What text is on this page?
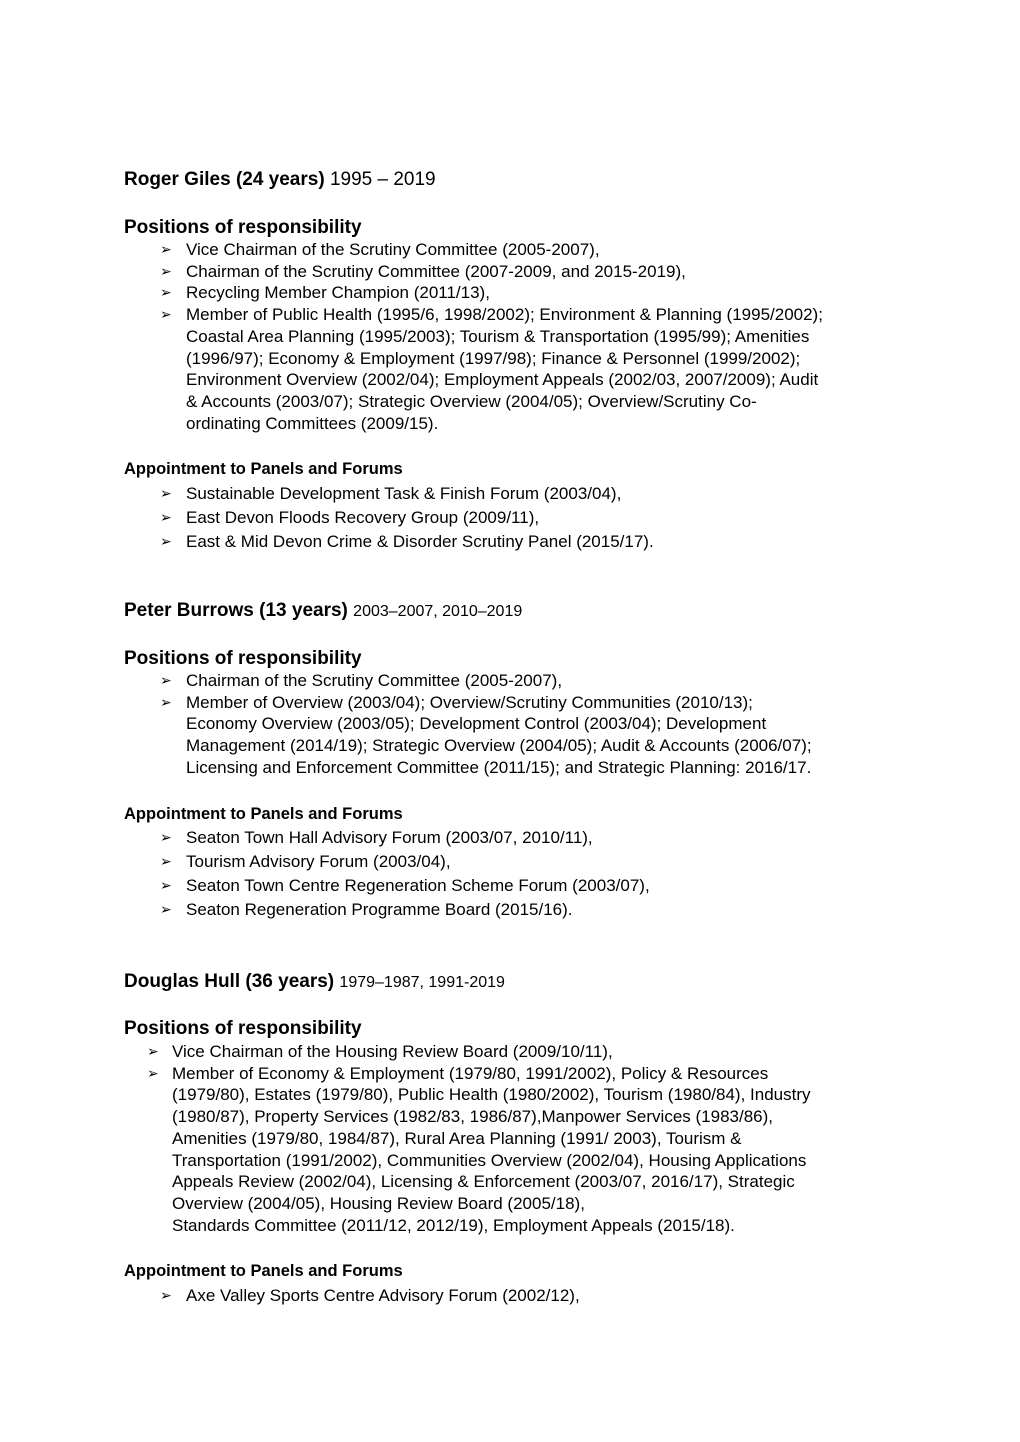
Roger Giles (24 years) 1995 – 2019
Positions of responsibility
➢ Vice Chairman of the Scrutiny Committee (2005-2007),
➢ Chairman of the Scrutiny Committee (2007-2009, and 2015-2019),
➢ Recycling Member Champion (2011/13),
➢ Member of Public Health (1995/6, 1998/2002); Environment & Planning (1995/2002);
Coastal Area Planning (1995/2003); Tourism & Transportation (1995/99); Amenities
(1996/97); Economy & Employment (1997/98); Finance & Personnel (1999/2002);
Environment Overview (2002/04); Employment Appeals (2002/03, 2007/2009); Audit
& Accounts (2003/07); Strategic Overview (2004/05); Overview/Scrutiny Co-
ordinating Committees (2009/15).
Appointment to Panels and Forums
➢ Sustainable Development Task & Finish Forum (2003/04),
➢ East Devon Floods Recovery Group (2009/11),
➢ East & Mid Devon Crime & Disorder Scrutiny Panel (2015/17).
Peter Burrows (13 years) 2003–2007, 2010–2019
Positions of responsibility
➢ Chairman of the Scrutiny Committee (2005-2007),
➢ Member of Overview (2003/04); Overview/Scrutiny Communities (2010/13);
Economy Overview (2003/05); Development Control (2003/04); Development
Management (2014/19); Strategic Overview (2004/05); Audit & Accounts (2006/07);
Licensing and Enforcement Committee (2011/15); and Strategic Planning: 2016/17.
Appointment to Panels and Forums
➢ Seaton Town Hall Advisory Forum (2003/07, 2010/11),
➢ Tourism Advisory Forum (2003/04),
➢ Seaton Town Centre Regeneration Scheme Forum (2003/07),
➢ Seaton Regeneration Programme Board (2015/16).
Douglas Hull (36 years) 1979–1987, 1991-2019
Positions of responsibility
➢ Vice Chairman of the Housing Review Board (2009/10/11),
➢ Member of Economy & Employment (1979/80, 1991/2002), Policy & Resources
(1979/80), Estates (1979/80), Public Health (1980/2002), Tourism (1980/84), Industry
(1980/87), Property Services (1982/83, 1986/87),Manpower Services (1983/86),
Amenities (1979/80, 1984/87), Rural Area Planning (1991/ 2003), Tourism &
Transportation (1991/2002), Communities Overview (2002/04), Housing Applications
Appeals Review (2002/04), Licensing & Enforcement (2003/07, 2016/17), Strategic
Overview (2004/05), Housing Review Board (2005/18),
Standards Committee (2011/12, 2012/19), Employment Appeals (2015/18).
Appointment to Panels and Forums
➢ Axe Valley Sports Centre Advisory Forum (2002/12),
